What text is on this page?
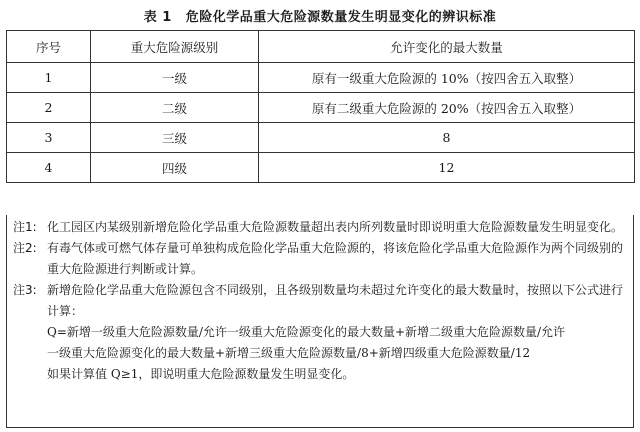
表 1 危险化学品重大危险源数量发生明显变化的辨识标准
序号	重大危险源级别	允许变化的最大数量
1	一级	原有一级重大危险源的 10%（按四舍五入取整）
2	二级	原有二级重大危险源的 20%（按四舍五入取整）
3	三级	8
4	四级	12
注1: 化工园区内某级别新增危险化学品重大危险源数量超出表内所列数量时即说明重大危险源数量发生明显变化。
注2: 有毒气体或可燃气体存量可单独构成危险化学品重大危险源的，将该危险化学品重大危险源作为两个同级别的重大危险源进行判断或计算。
注3: 新增危险化学品重大危险源包含不同级别，且各级别数量均未超过允许变化的最大数量时，按照以下公式进行计算：
Q=新增一级重大危险源数量/允许一级重大危险源变化的最大数量+新增二级重大危险源数量/允许
一级重大危险源变化的最大数量+新增三级重大危险源数量/8+新增四级重大危险源数量/12
如果计算值 Q≥1，即说明重大危险源数量发生明显变化。
